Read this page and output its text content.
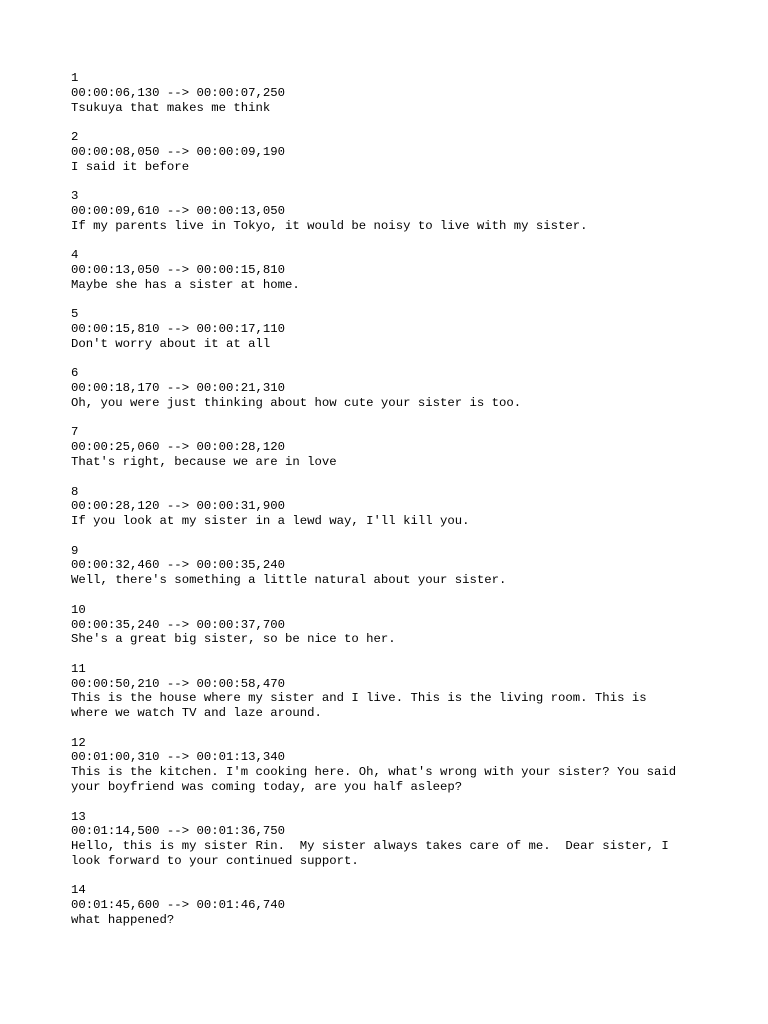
1
00:00:06,130 --> 00:00:07,250
Tsukuya that makes me think
2
00:00:08,050 --> 00:00:09,190
I said it before
3
00:00:09,610 --> 00:00:13,050
If my parents live in Tokyo, it would be noisy to live with my sister.
4
00:00:13,050 --> 00:00:15,810
Maybe she has a sister at home.
5
00:00:15,810 --> 00:00:17,110
Don't worry about it at all
6
00:00:18,170 --> 00:00:21,310
Oh, you were just thinking about how cute your sister is too.
7
00:00:25,060 --> 00:00:28,120
That's right, because we are in love
8
00:00:28,120 --> 00:00:31,900
If you look at my sister in a lewd way, I'll kill you.
9
00:00:32,460 --> 00:00:35,240
Well, there's something a little natural about your sister.
10
00:00:35,240 --> 00:00:37,700
She's a great big sister, so be nice to her.
11
00:00:50,210 --> 00:00:58,470
This is the house where my sister and I live. This is the living room. This is
where we watch TV and laze around.
12
00:01:00,310 --> 00:01:13,340
This is the kitchen. I'm cooking here. Oh, what's wrong with your sister? You said
your boyfriend was coming today, are you half asleep?
13
00:01:14,500 --> 00:01:36,750
Hello, this is my sister Rin.  My sister always takes care of me.  Dear sister, I
look forward to your continued support.
14
00:01:45,600 --> 00:01:46,740
what happened?
